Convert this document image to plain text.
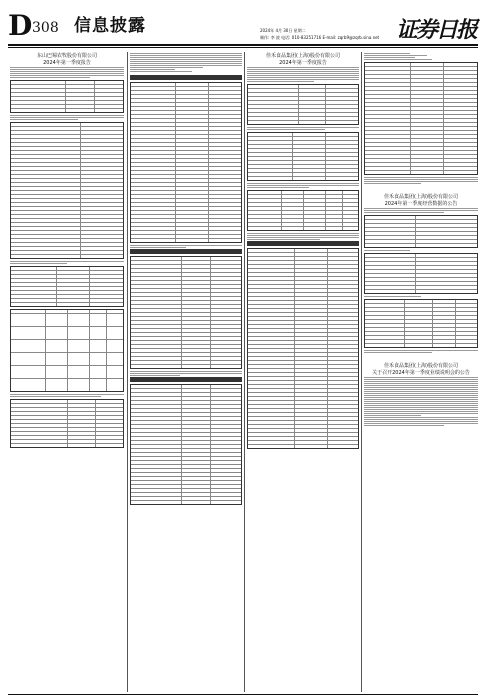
D 308 信息披露	2024年 4月 30日 星期二
制作: 李 波 电话: 010-83251716 E-mail: zqrb9@zqrb.sina.net 证券日报
东山巴蜀农牧股份有限公司
2024年第一季度报告
佳禾食品集团(上海)股份有限公司
2024年第一季度报告
佳禾食品集团(上海)股份有限公司
2024年第一季度经营数据的公告
佳禾食品集团(上海)股份有限公司
关于召开2024年第一季度业绩说明会的公告
